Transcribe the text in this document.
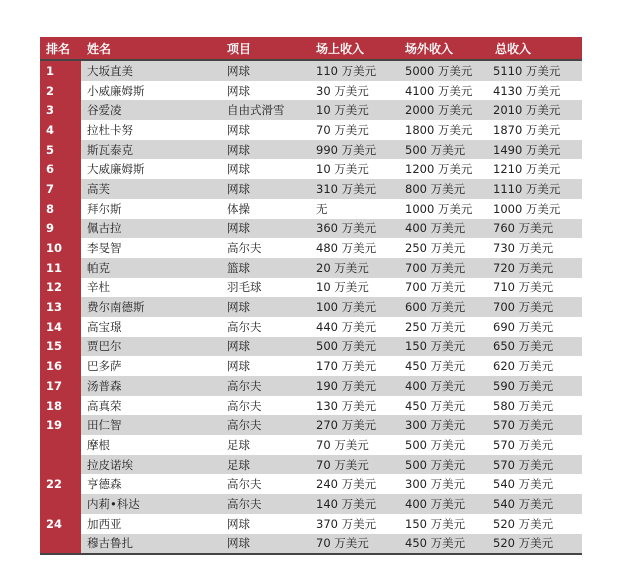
排名	姓名	项目	场上收入	场外收入	总收入
1	大坂直美	网球	110 万美元	5000 万美元	5110 万美元
2	小威廉姆斯	网球	30 万美元	4100 万美元	4130 万美元
3	谷爱凌	自由式滑雪	10 万美元	2000 万美元	2010 万美元
4	拉杜卡努	网球	70 万美元	1800 万美元	1870 万美元
5	斯瓦泰克	网球	990 万美元	500 万美元	1490 万美元
6	大威廉姆斯	网球	10 万美元	1200 万美元	1210 万美元
7	高芙	网球	310 万美元	800 万美元	1110 万美元
8	拜尔斯	体操	无	1000 万美元	1000 万美元
9	佩古拉	网球	360 万美元	400 万美元	760 万美元
10	李旻智	高尔夫	480 万美元	250 万美元	730 万美元
11	帕克	篮球	20 万美元	700 万美元	720 万美元
12	辛杜	羽毛球	10 万美元	700 万美元	710 万美元
13	费尔南德斯	网球	100 万美元	600 万美元	700 万美元
14	高宝璟	高尔夫	440 万美元	250 万美元	690 万美元
15	贾巴尔	网球	500 万美元	150 万美元	650 万美元
16	巴多萨	网球	170 万美元	450 万美元	620 万美元
17	汤普森	高尔夫	190 万美元	400 万美元	590 万美元
18	高真荣	高尔夫	130 万美元	450 万美元	580 万美元
19	田仁智	高尔夫	270 万美元	300 万美元	570 万美元
	摩根	足球	70 万美元	500 万美元	570 万美元
	拉皮诺埃	足球	70 万美元	500 万美元	570 万美元
22	亨德森	高尔夫	240 万美元	300 万美元	540 万美元
	内莉•科达	高尔夫	140 万美元	400 万美元	540 万美元
24	加西亚	网球	370 万美元	150 万美元	520 万美元
	穆古鲁扎	网球	70 万美元	450 万美元	520 万美元
